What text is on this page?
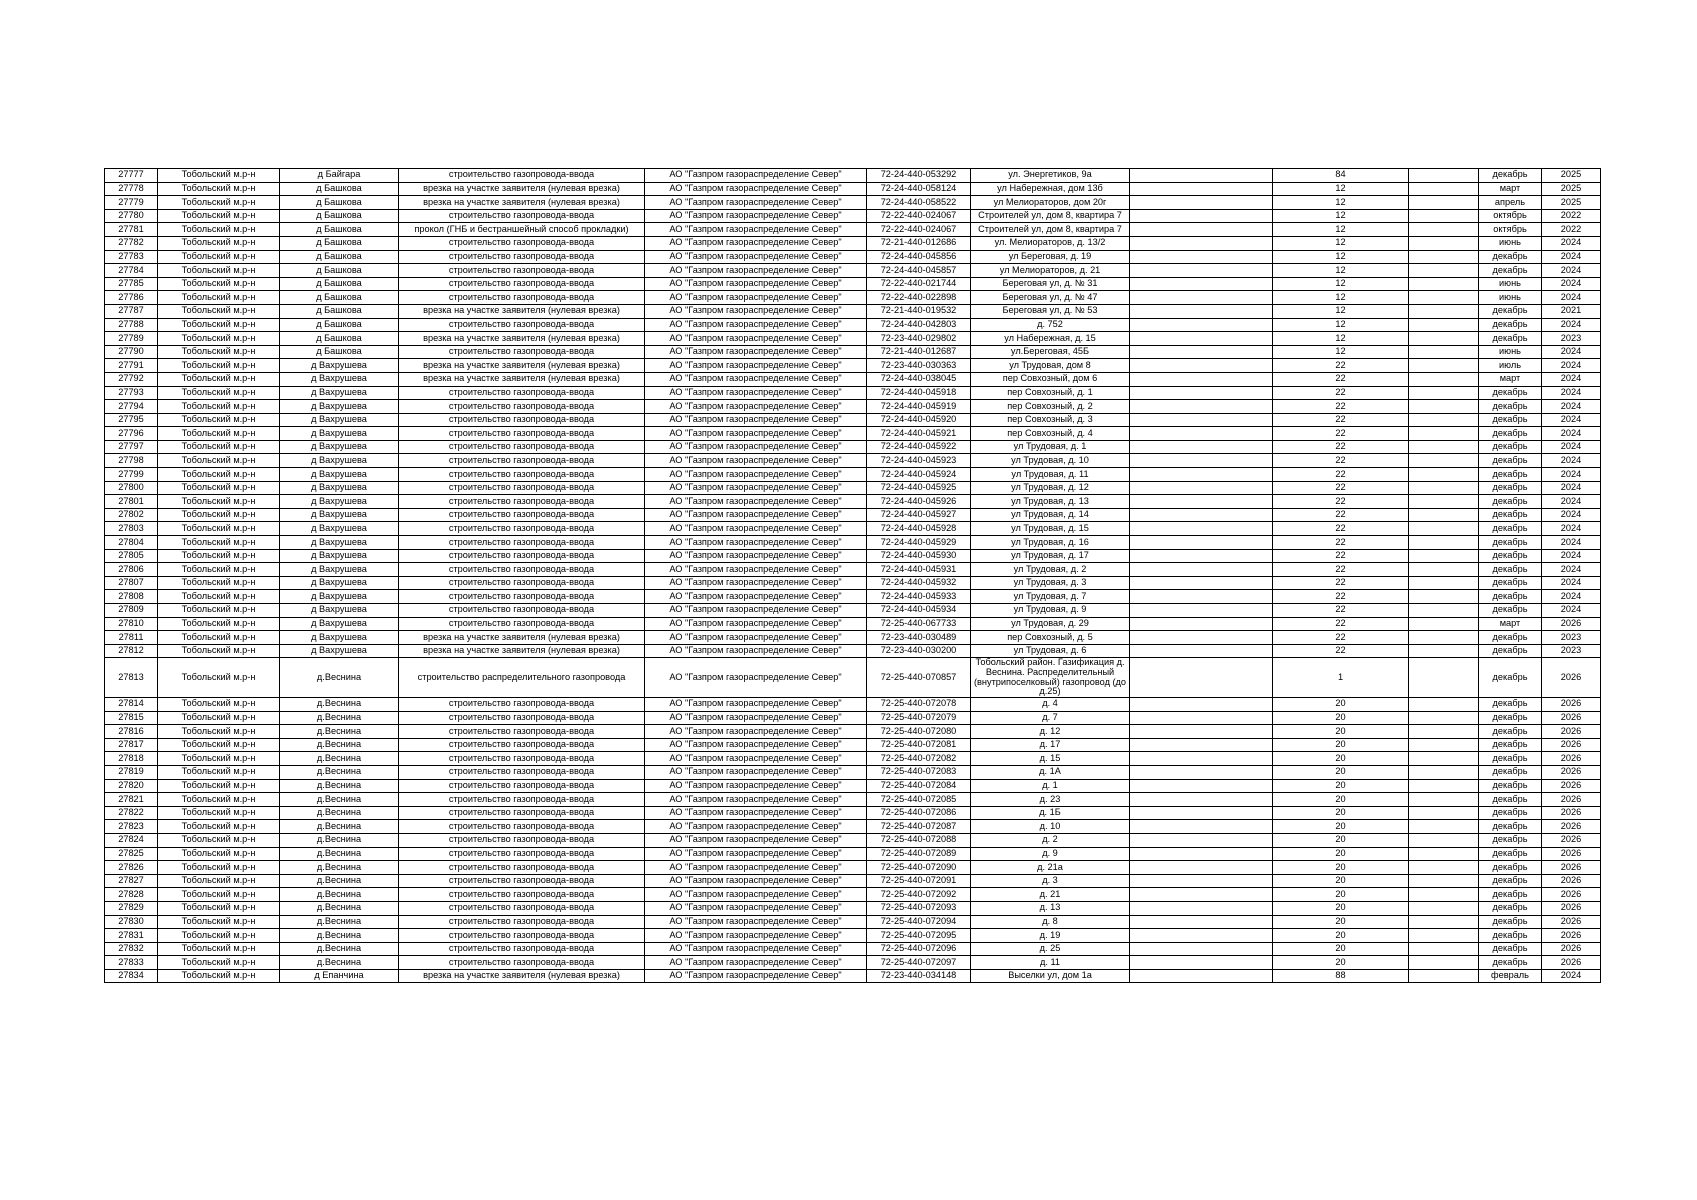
27777	Тобольский м.р-н	д Байгара	строительство газопровода-ввода	АО "Газпром газораспределение Север"	72-24-440-053292	ул. Энергетиков, 9а		84		декабрь	2025
27778	Тобольский м.р-н	д Башкова	врезка на участке заявителя (нулевая врезка)	АО "Газпром газораспределение Север"	72-24-440-058124	ул Набережная, дом 13б		12		март	2025
27779	Тобольский м.р-н	д Башкова	врезка на участке заявителя (нулевая врезка)	АО "Газпром газораспределение Север"	72-24-440-058522	ул Мелиораторов, дом 20г		12		апрель	2025
27780	Тобольский м.р-н	д Башкова	строительство газопровода-ввода	АО "Газпром газораспределение Север"	72-22-440-024067	Строителей ул, дом 8, квартира 7		12		октябрь	2022
27781	Тобольский м.р-н	д Башкова	прокол (ГНБ и бестраншейный способ прокладки)	АО "Газпром газораспределение Север"	72-22-440-024067	Строителей ул, дом 8, квартира 7		12		октябрь	2022
27782	Тобольский м.р-н	д Башкова	строительство газопровода-ввода	АО "Газпром газораспределение Север"	72-21-440-012686	ул. Мелиораторов, д. 13/2		12		июнь	2024
27783	Тобольский м.р-н	д Башкова	строительство газопровода-ввода	АО "Газпром газораспределение Север"	72-24-440-045856	ул Береговая, д. 19		12		декабрь	2024
27784	Тобольский м.р-н	д Башкова	строительство газопровода-ввода	АО "Газпром газораспределение Север"	72-24-440-045857	ул Мелиораторов, д. 21		12		декабрь	2024
27785	Тобольский м.р-н	д Башкова	строительство газопровода-ввода	АО "Газпром газораспределение Север"	72-22-440-021744	Береговая ул, д. № 31		12		июнь	2024
27786	Тобольский м.р-н	д Башкова	строительство газопровода-ввода	АО "Газпром газораспределение Север"	72-22-440-022898	Береговая ул, д. № 47		12		июнь	2024
27787	Тобольский м.р-н	д Башкова	врезка на участке заявителя (нулевая врезка)	АО "Газпром газораспределение Север"	72-21-440-019532	Береговая ул, д. № 53		12		декабрь	2021
27788	Тобольский м.р-н	д Башкова	строительство газопровода-ввода	АО "Газпром газораспределение Север"	72-24-440-042803	д. 752		12		декабрь	2024
27789	Тобольский м.р-н	д Башкова	врезка на участке заявителя (нулевая врезка)	АО "Газпром газораспределение Север"	72-23-440-029802	ул Набережная, д. 15		12		декабрь	2023
27790	Тобольский м.р-н	д Башкова	строительство газопровода-ввода	АО "Газпром газораспределение Север"	72-21-440-012687	ул.Береговая, 45Б		12		июнь	2024
27791	Тобольский м.р-н	д Вахрушева	врезка на участке заявителя (нулевая врезка)	АО "Газпром газораспределение Север"	72-23-440-030363	ул Трудовая, дом 8		22		июль	2024
27792	Тобольский м.р-н	д Вахрушева	врезка на участке заявителя (нулевая врезка)	АО "Газпром газораспределение Север"	72-24-440-038045	пер Совхозный, дом 6		22		март	2024
27793	Тобольский м.р-н	д Вахрушева	строительство газопровода-ввода	АО "Газпром газораспределение Север"	72-24-440-045918	пер Совхозный, д. 1		22		декабрь	2024
27794	Тобольский м.р-н	д Вахрушева	строительство газопровода-ввода	АО "Газпром газораспределение Север"	72-24-440-045919	пер Совхозный, д. 2		22		декабрь	2024
27795	Тобольский м.р-н	д Вахрушева	строительство газопровода-ввода	АО "Газпром газораспределение Север"	72-24-440-045920	пер Совхозный, д. 3		22		декабрь	2024
27796	Тобольский м.р-н	д Вахрушева	строительство газопровода-ввода	АО "Газпром газораспределение Север"	72-24-440-045921	пер Совхозный, д. 4		22		декабрь	2024
27797	Тобольский м.р-н	д Вахрушева	строительство газопровода-ввода	АО "Газпром газораспределение Север"	72-24-440-045922	ул Трудовая, д. 1		22		декабрь	2024
27798	Тобольский м.р-н	д Вахрушева	строительство газопровода-ввода	АО "Газпром газораспределение Север"	72-24-440-045923	ул Трудовая, д. 10		22		декабрь	2024
27799	Тобольский м.р-н	д Вахрушева	строительство газопровода-ввода	АО "Газпром газораспределение Север"	72-24-440-045924	ул Трудовая, д. 11		22		декабрь	2024
27800	Тобольский м.р-н	д Вахрушева	строительство газопровода-ввода	АО "Газпром газораспределение Север"	72-24-440-045925	ул Трудовая, д. 12		22		декабрь	2024
27801	Тобольский м.р-н	д Вахрушева	строительство газопровода-ввода	АО "Газпром газораспределение Север"	72-24-440-045926	ул Трудовая, д. 13		22		декабрь	2024
27802	Тобольский м.р-н	д Вахрушева	строительство газопровода-ввода	АО "Газпром газораспределение Север"	72-24-440-045927	ул Трудовая, д. 14		22		декабрь	2024
27803	Тобольский м.р-н	д Вахрушева	строительство газопровода-ввода	АО "Газпром газораспределение Север"	72-24-440-045928	ул Трудовая, д. 15		22		декабрь	2024
27804	Тобольский м.р-н	д Вахрушева	строительство газопровода-ввода	АО "Газпром газораспределение Север"	72-24-440-045929	ул Трудовая, д. 16		22		декабрь	2024
27805	Тобольский м.р-н	д Вахрушева	строительство газопровода-ввода	АО "Газпром газораспределение Север"	72-24-440-045930	ул Трудовая, д. 17		22		декабрь	2024
27806	Тобольский м.р-н	д Вахрушева	строительство газопровода-ввода	АО "Газпром газораспределение Север"	72-24-440-045931	ул Трудовая, д. 2		22		декабрь	2024
27807	Тобольский м.р-н	д Вахрушева	строительство газопровода-ввода	АО "Газпром газораспределение Север"	72-24-440-045932	ул Трудовая, д. 3		22		декабрь	2024
27808	Тобольский м.р-н	д Вахрушева	строительство газопровода-ввода	АО "Газпром газораспределение Север"	72-24-440-045933	ул Трудовая, д. 7		22		декабрь	2024
27809	Тобольский м.р-н	д Вахрушева	строительство газопровода-ввода	АО "Газпром газораспределение Север"	72-24-440-045934	ул Трудовая, д. 9		22		декабрь	2024
27810	Тобольский м.р-н	д Вахрушева	строительство газопровода-ввода	АО "Газпром газораспределение Север"	72-25-440-067733	ул Трудовая, д. 29		22		март	2026
27811	Тобольский м.р-н	д Вахрушева	врезка на участке заявителя (нулевая врезка)	АО "Газпром газораспределение Север"	72-23-440-030489	пер Совхозный, д. 5		22		декабрь	2023
27812	Тобольский м.р-н	д Вахрушева	врезка на участке заявителя (нулевая врезка)	АО "Газпром газораспределение Север"	72-23-440-030200	ул Трудовая, д. 6		22		декабрь	2023
27813	Тобольский м.р-н	д.Веснина	строительство распределительного газопровода	АО "Газпром газораспределение Север"	72-25-440-070857	Тобольский район. Газификация д. Веснина. Распределительный (внутрипоселковый) газопровод (до д.25)		1		декабрь	2026
27814	Тобольский м.р-н	д.Веснина	строительство газопровода-ввода	АО "Газпром газораспределение Север"	72-25-440-072078	д. 4		20		декабрь	2026
27815	Тобольский м.р-н	д.Веснина	строительство газопровода-ввода	АО "Газпром газораспределение Север"	72-25-440-072079	д. 7		20		декабрь	2026
27816	Тобольский м.р-н	д.Веснина	строительство газопровода-ввода	АО "Газпром газораспределение Север"	72-25-440-072080	д. 12		20		декабрь	2026
27817	Тобольский м.р-н	д.Веснина	строительство газопровода-ввода	АО "Газпром газораспределение Север"	72-25-440-072081	д. 17		20		декабрь	2026
27818	Тобольский м.р-н	д.Веснина	строительство газопровода-ввода	АО "Газпром газораспределение Север"	72-25-440-072082	д. 15		20		декабрь	2026
27819	Тобольский м.р-н	д.Веснина	строительство газопровода-ввода	АО "Газпром газораспределение Север"	72-25-440-072083	д. 1А		20		декабрь	2026
27820	Тобольский м.р-н	д.Веснина	строительство газопровода-ввода	АО "Газпром газораспределение Север"	72-25-440-072084	д. 1		20		декабрь	2026
27821	Тобольский м.р-н	д.Веснина	строительство газопровода-ввода	АО "Газпром газораспределение Север"	72-25-440-072085	д. 23		20		декабрь	2026
27822	Тобольский м.р-н	д.Веснина	строительство газопровода-ввода	АО "Газпром газораспределение Север"	72-25-440-072086	д. 1Б		20		декабрь	2026
27823	Тобольский м.р-н	д.Веснина	строительство газопровода-ввода	АО "Газпром газораспределение Север"	72-25-440-072087	д. 10		20		декабрь	2026
27824	Тобольский м.р-н	д.Веснина	строительство газопровода-ввода	АО "Газпром газораспределение Север"	72-25-440-072088	д. 2		20		декабрь	2026
27825	Тобольский м.р-н	д.Веснина	строительство газопровода-ввода	АО "Газпром газораспределение Север"	72-25-440-072089	д. 9		20		декабрь	2026
27826	Тобольский м.р-н	д.Веснина	строительство газопровода-ввода	АО "Газпром газораспределение Север"	72-25-440-072090	д. 21а		20		декабрь	2026
27827	Тобольский м.р-н	д.Веснина	строительство газопровода-ввода	АО "Газпром газораспределение Север"	72-25-440-072091	д. 3		20		декабрь	2026
27828	Тобольский м.р-н	д.Веснина	строительство газопровода-ввода	АО "Газпром газораспределение Север"	72-25-440-072092	д. 21		20		декабрь	2026
27829	Тобольский м.р-н	д.Веснина	строительство газопровода-ввода	АО "Газпром газораспределение Север"	72-25-440-072093	д. 13		20		декабрь	2026
27830	Тобольский м.р-н	д.Веснина	строительство газопровода-ввода	АО "Газпром газораспределение Север"	72-25-440-072094	д. 8		20		декабрь	2026
27831	Тобольский м.р-н	д.Веснина	строительство газопровода-ввода	АО "Газпром газораспределение Север"	72-25-440-072095	д. 19		20		декабрь	2026
27832	Тобольский м.р-н	д.Веснина	строительство газопровода-ввода	АО "Газпром газораспределение Север"	72-25-440-072096	д. 25		20		декабрь	2026
27833	Тобольский м.р-н	д.Веснина	строительство газопровода-ввода	АО "Газпром газораспределение Север"	72-25-440-072097	д. 11		20		декабрь	2026
27834	Тобольский м.р-н	д Епанчина	врезка на участке заявителя (нулевая врезка)	АО "Газпром газораспределение Север"	72-23-440-034148	Выселки ул, дом 1а		88		февраль	2024
